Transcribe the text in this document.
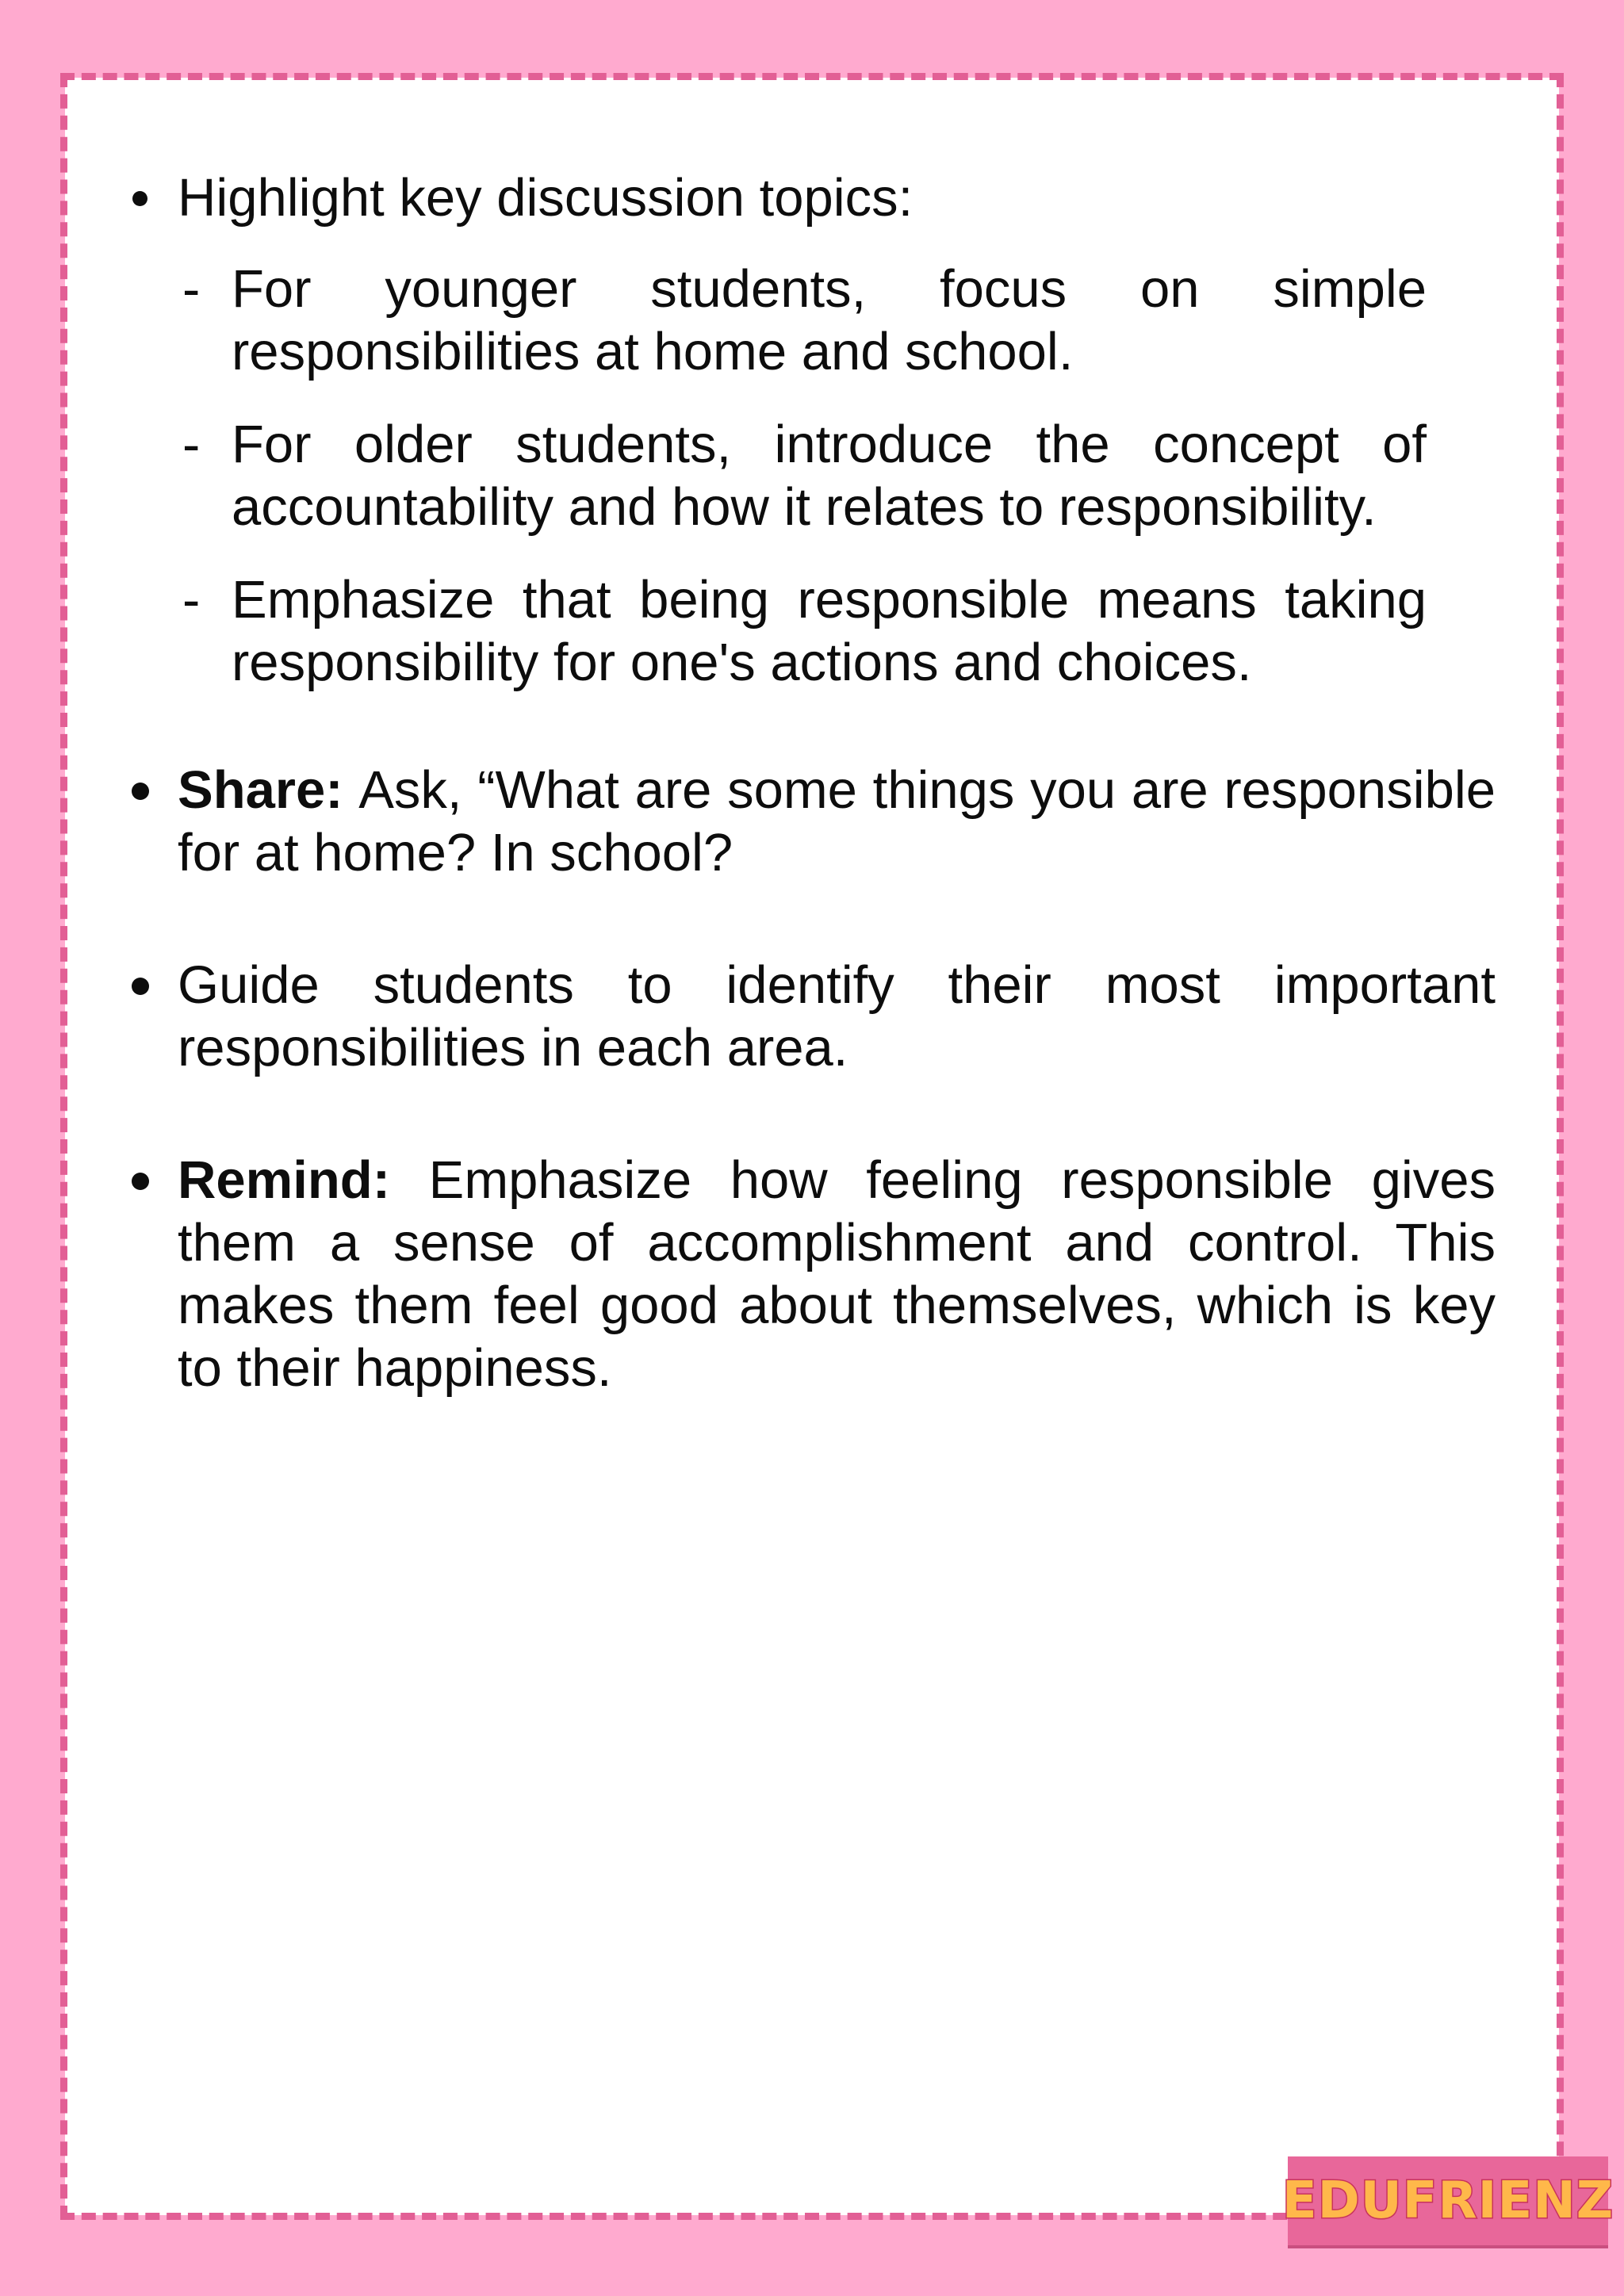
Highlight key discussion topics:
- For younger students, focus on simple responsibilities at home and school.
- For older students, introduce the concept of accountability and how it relates to responsibility.
- Emphasize that being responsible means taking responsibility for one's actions and choices.
Share: Ask, “What are some things you are responsible for at home? In school?
Guide students to identify their most important responsibilities in each area.
Remind: Emphasize how feeling responsible gives them a sense of accomplishment and control. This makes them feel good about themselves, which is key to their happiness.
EDUFRIENZ
